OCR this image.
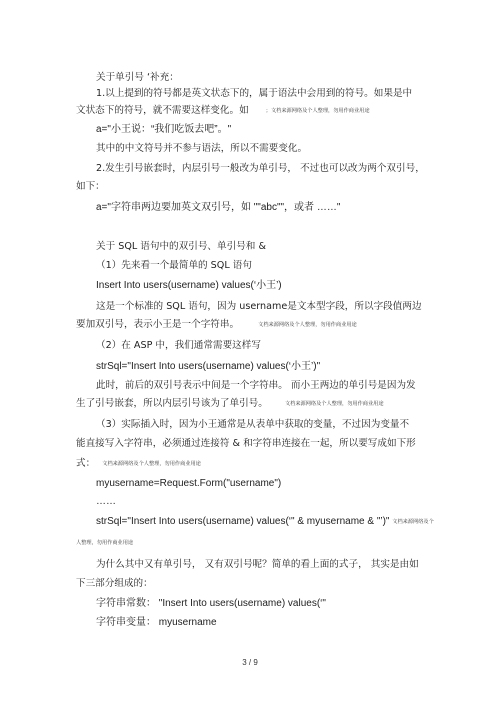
关于单引号 ‘补充：
1.以上提到的符号都是英文状态下的，属于语法中会用到的符号。如果是中
文状态下的符号，就不需要这样变化。如	；文档来源网络及个人整理，勿用作商业用途
a="小王说：“我们吃饭去吧”。"
其中的中文符号并不参与语法，所以不需要变化。
2.发生引号嵌套时，内层引号一般改为单引号， 不过也可以改为两个双引号，
如下：
a="字符串两边要加英文双引号，如 ""abc""，或者 ……"
关于 SQL 语句中的双引号、单引号和 &
（1）先来看一个最简单的 SQL 语句
Insert Into users(username) values(‘小王’)
这是一个标准的 SQL 语句，因为 username是文本型字段，所以字段值两边
要加双引号，表示小王是一个字符串。	文档来源网络及个人整理，勿用作商业用途
（2）在 ASP 中，我们通常需要这样写
strSql="Insert Into users(username) values(‘小王’)"
此时，前后的双引号表示中间是一个字符串。 而小王两边的单引号是因为发
生了引号嵌套，所以内层引号该为了单引号。	文档来源网络及个人整理，勿用作商业用途
（3）实际插入时，因为小王通常是从表单中获取的变量，不过因为变量不
能直接写入字符串，必须通过连接符 & 和字符串连接在一起，所以要写成如下形
式： 文档来源网络及个人整理，勿用作商业用途
myusername=Request.Form("username")
……
strSql="Insert Into users(username) values(‘" & myusername & "’)" 文档来源网络及个
人整理，勿用作商业用途
为什么其中又有单引号， 又有双引号呢？简单的看上面的式子， 其实是由如
下三部分组成的：
字符串常数： "Insert Into users(username) values(‘"
字符串变量： myusername
3 / 9
